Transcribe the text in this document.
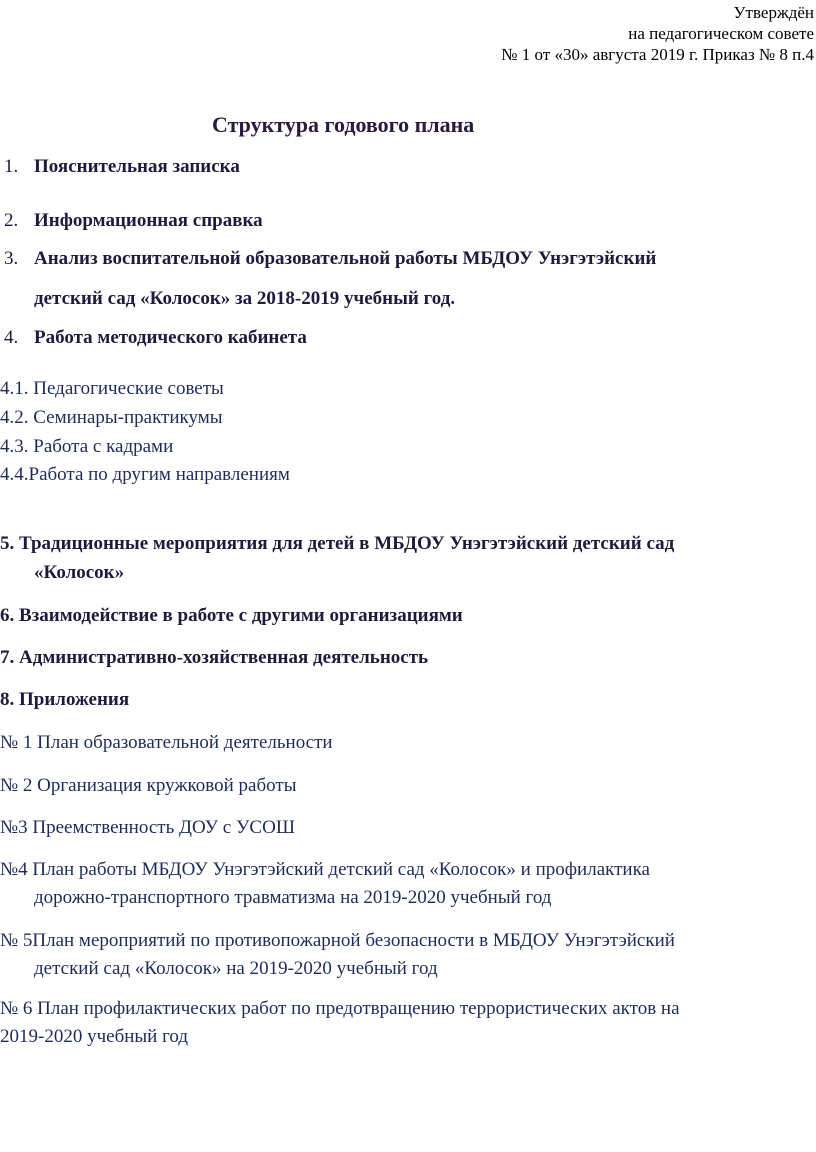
Утверждён
на педагогическом совете
№ 1 от «30» августа 2019 г. Приказ № 8 п.4
Структура годового плана
1. Пояснительная записка
2. Информационная справка
3. Анализ воспитательной образовательной работы МБДОУ Унэгэтэйский
детский сад «Колосок» за 2018-2019 учебный год.
4. Работа методического кабинета
4.1. Педагогические советы
4.2. Семинары-практикумы
4.3. Работа с кадрами
4.4.Работа по другим направлениям
5. Традиционные мероприятия для детей в МБДОУ Унэгэтэйский детский сад
«Колосок»
6. Взаимодействие в работе с другими организациями
7. Административно-хозяйственная деятельность
8. Приложения
№ 1 План образовательной деятельности
№ 2 Организация кружковой работы
№3 Преемственность ДОУ с УСОШ
№4 План работы МБДОУ Унэгэтэйский детский сад «Колосок» и профилактика
дорожно-транспортного травматизма на 2019-2020 учебный год
№ 5План мероприятий по противопожарной безопасности в МБДОУ Унэгэтэйский
детский сад «Колосок» на 2019-2020 учебный год
№ 6 План профилактических работ по предотвращению террористических актов на
2019-2020 учебный год
